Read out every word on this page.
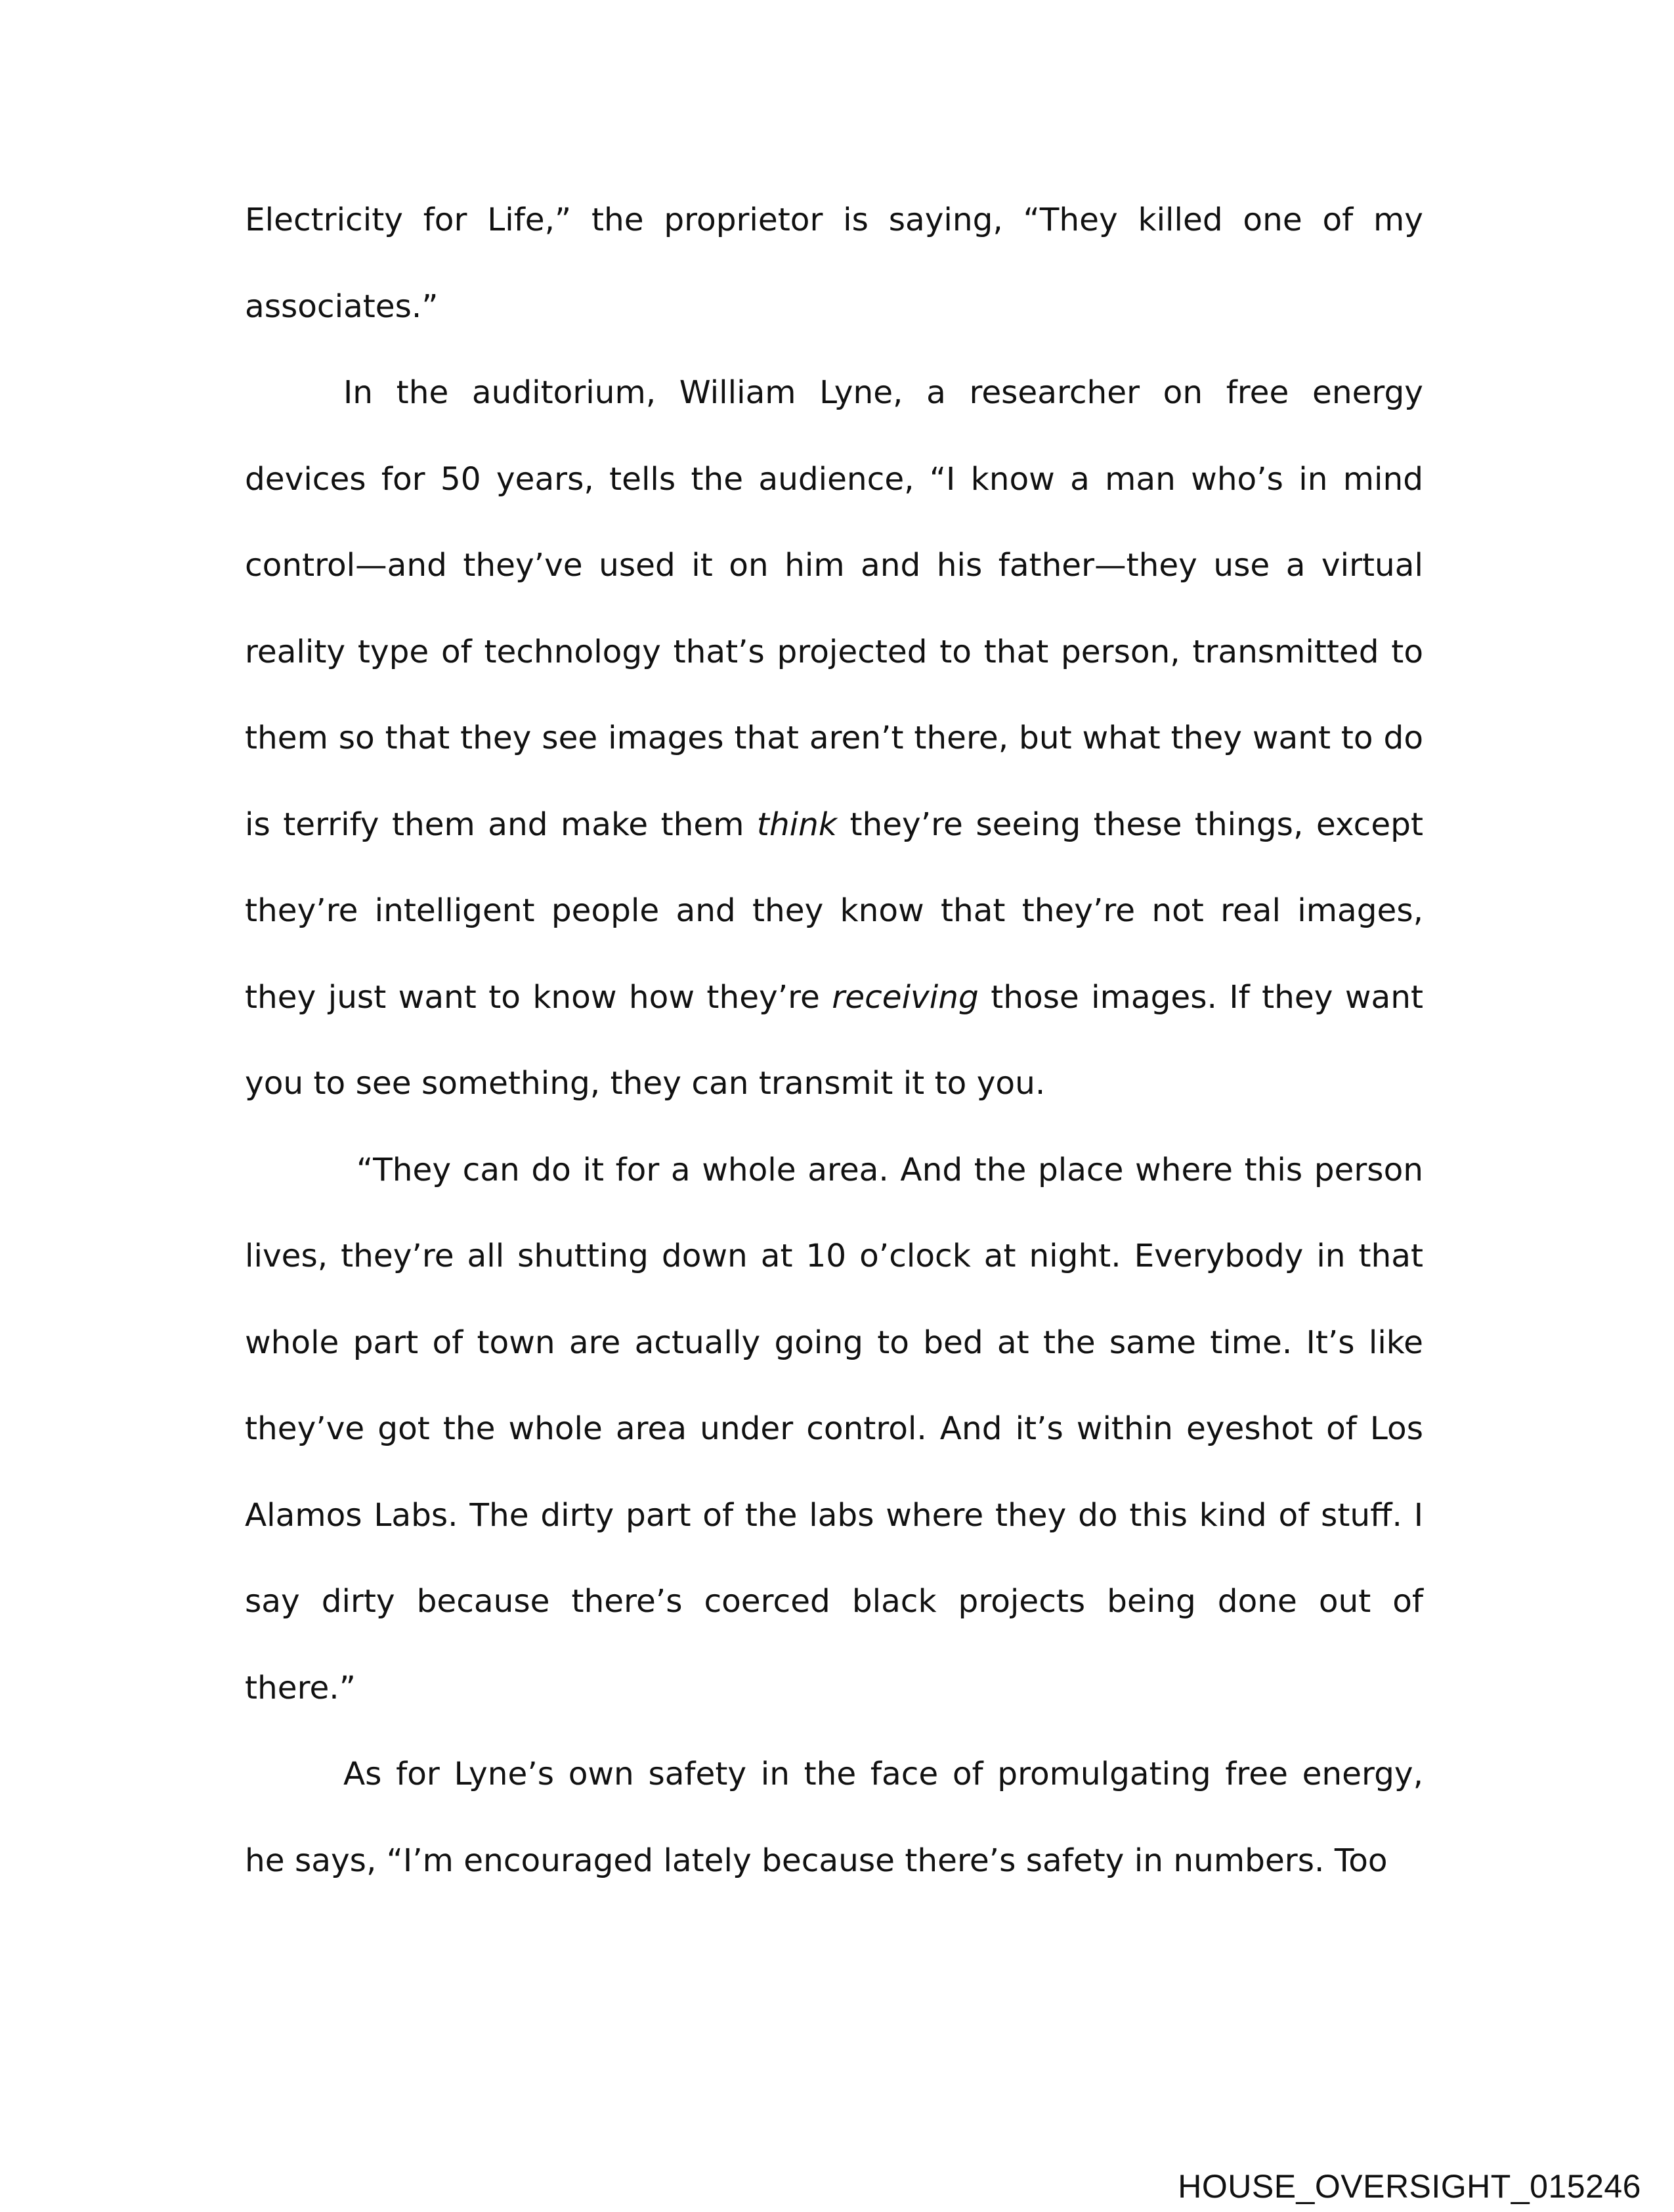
Electricity for Life,” the proprietor is saying, “They killed one of my associates.”

In the auditorium, William Lyne, a researcher on free energy devices for 50 years, tells the audience, “I know a man who’s in mind control—and they’ve used it on him and his father—they use a virtual reality type of technology that’s projected to that person, transmitted to them so that they see images that aren’t there, but what they want to do is terrify them and make them think they’re seeing these things, except they’re intelligent people and they know that they’re not real images, they just want to know how they’re receiving those images. If they want you to see something, they can transmit it to you.

“They can do it for a whole area. And the place where this person lives, they’re all shutting down at 10 o’clock at night. Everybody in that whole part of town are actually going to bed at the same time. It’s like they’ve got the whole area under control. And it’s within eyeshot of Los Alamos Labs. The dirty part of the labs where they do this kind of stuff. I say dirty because there’s coerced black projects being done out of there.”

As for Lyne’s own safety in the face of promulgating free energy, he says, “I’m encouraged lately because there’s safety in numbers. Too

HOUSE_OVERSIGHT_015246
